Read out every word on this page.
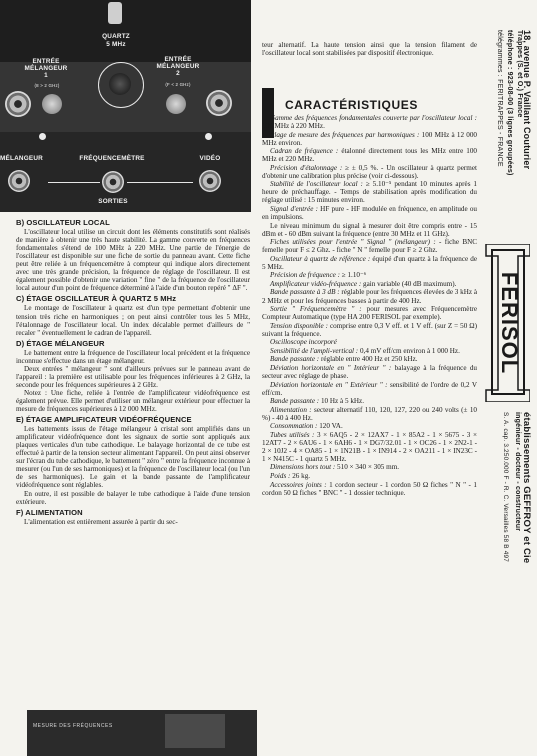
QUARTZ
5 MHz
ENTRÉE
MÉLANGEUR
1
(8 > 2 GHz)
ENTRÉE
MÉLANGEUR
2
(F < 2 GHz)
MÉLANGEUR	FRÉQUENCEMÈTRE	VIDÉO
SORTIES

teur alternatif. La haute tension ainsi que la tension filament de l'oscillateur local sont stabilisées par dispositif électronique.

CARACTÉRISTIQUES

Gamme des fréquences fondamentales couverte par l'oscillateur local : 100 MHz à 220 MHz.

Plage de mesure des fréquences par harmoniques : 100 MHz à 12 000 MHz environ.

Cadran de fréquence : étalonné directement tous les MHz entre 100 MHz et 220 MHz.

Précision d'étalonnage : ≥ ± 0,5 %. - Un oscillateur à quartz permet d'obtenir une calibration plus précise (voir ci-dessous).

Stabilité de l'oscillateur local : ≥ 5.10⁻⁵ pendant 10 minutes après 1 heure de préchauffage. - Temps de stabilisation après modification du réglage utilisé : 15 minutes environ.

Signal d'entrée : HF pure - HF modulée en fréquence, en amplitude ou en impulsions.

Le niveau minimum du signal à mesurer doit être compris entre - 15 dBm et - 60 dBm suivant la fréquence (entre 30 MHz et 11 GHz).

Fiches utilisées pour l'entrée " Signal " (mélangeur) : - fiche BNC femelle pour F ≤ 2 Ghz. - fiche " N " femelle pour F ≥ 2 Ghz.

Oscillateur à quartz de référence : équipé d'un quartz à la fréquence de 5 MHz.

Précision de fréquence : ≥ 1.10⁻⁶

Amplificateur vidéo-fréquence : gain variable (40 dB maximum).

Bande passante à 3 dB : réglable pour les fréquences élevées de 3 kHz à 2 MHz et pour les fréquences basses à partir de 400 Hz.

Sortie " Fréquencemètre " : pour mesures avec Fréquencemètre Compteur Automatique (type HA 200 FERISOL par exemple).

Tension disponible : comprise entre 0,3 V eff. et 1 V eff. (sur Z = 50 Ω) suivant la fréquence.

Oscilloscope incorporé

Sensibilité de l'ampli-vertical : 0,4 mV eff/cm environ à 1 000 Hz.

Bande passante : réglable entre 400 Hz et 250 kHz.

Déviation horizontale en " Intérieur " : balayage à la fréquence du secteur avec réglage de phase.

Déviation horizontale en " Extérieur " : sensibilité de l'ordre de 0,2 V eff/cm.

Bande passante : 10 Hz à 5 kHz.

Alimentation : secteur alternatif 110, 120, 127, 220 ou 240 volts (± 10 %) - 40 à 400 Hz.

Consommation : 120 VA.

Tubes utilisés : 3 × 6AQ5 - 2 × 12AX7 - 1 × 85A2 - 1 × 5675 - 3 × 12AT7 - 2 × 6AU6 - 1 × 6AH6 - 1 × DG7/32.01 - 1 × OC26 - 1 × 2N2-1 - 2 × 10J2 - 4 × OA85 - 1 × 1N21B - 1 × IN914 - 2 × OA211 - 1 × IN23C - 1 × N415C - 1 quartz 5 MHz.

Dimensions hors tout : 510 × 340 × 305 mm.

Poids : 26 kg.

Accessoires joints : 1 cordon secteur - 1 cordon 50 Ω fiches " N " - 1 cordon 50 Ω fiches " BNC " - 1 dossier technique.

B) OSCILLATEUR LOCAL

L'oscillateur local utilise un circuit dont les éléments constitutifs sont réalisés de manière à obtenir une très haute stabilité. La gamme couverte en fréquences fondamentales s'étend de 100 MHz à 220 MHz. Une partie de l'énergie de l'oscillateur est disponible sur une fiche de sortie du panneau avant. Cette fiche peut être reliée à un fréquencemètre à compteur qui indique alors directement avec une très grande précision, la fréquence de réglage de l'oscillateur. Il est également possible d'obtenir une variation " fine " de la fréquence de l'oscillateur local autour d'un point de fréquence déterminé à l'aide d'un bouton repéré " ΔF ".

C) ÉTAGE OSCILLATEUR À QUARTZ 5 MHz

Le montage de l'oscillateur à quartz est d'un type permettant d'obtenir une tension très riche en harmoniques ; on peut ainsi contrôler tous les 5 MHz, l'étalonnage de l'oscillateur local. Un index décalable permet d'ailleurs de " recaler " éventuellement le cadran de l'appareil.

D) ÉTAGE MÉLANGEUR

Le battement entre la fréquence de l'oscillateur local précédent et la fréquence inconnue s'effectue dans un étage mélangeur.

Deux entrées " mélangeur " sont d'ailleurs prévues sur le panneau avant de l'appareil : la première est utilisable pour les fréquences inférieures à 2 GHz, la seconde pour les fréquences supérieures à 2 GHz.

Notez : Une fiche, reliée à l'entrée de l'amplificateur vidéofréquence est également prévue. Elle permet d'utiliser un mélangeur extérieur pour effectuer la mesure de fréquences supérieures à 12 000 MHz.

E) ÉTAGE AMPLIFICATEUR VIDÉOFRÉQUENCE

Les battements issus de l'étage mélangeur à cristal sont amplifiés dans un amplificateur vidéofréquence dont les signaux de sortie sont appliqués aux plaques verticales d'un tube cathodique. Le balayage horizontal de ce tube est effectué à partir de la tension secteur alimentant l'appareil. On peut ainsi observer sur l'écran du tube cathodique, le battement " zéro " entre la fréquence inconnue à mesurer (ou l'un de ses harmoniques) et la fréquence de l'oscillateur local (ou l'un de ses harmoniques). Le gain et la bande passante de l'amplificateur vidéofréquence sont réglables.

En outre, il est possible de balayer le tube cathodique à l'aide d'une tension extérieure.

F) ALIMENTATION

L'alimentation est entièrement assurée à partir du sec-

MESURE DES FRÉQUENCES
18, avenue P. Vaillant Couturier
Trappes (S. et O.) France
téléphone : 923-08-00 (3 lignes groupées)
télégrammes : FERITRAPPES - FRANCE
FERISOL
établissements GEFFROY et Cie
ingénieur - docteur - constructeur
S. A. cap. 3.250.000 F - R. C. Versailles 58 B 497
